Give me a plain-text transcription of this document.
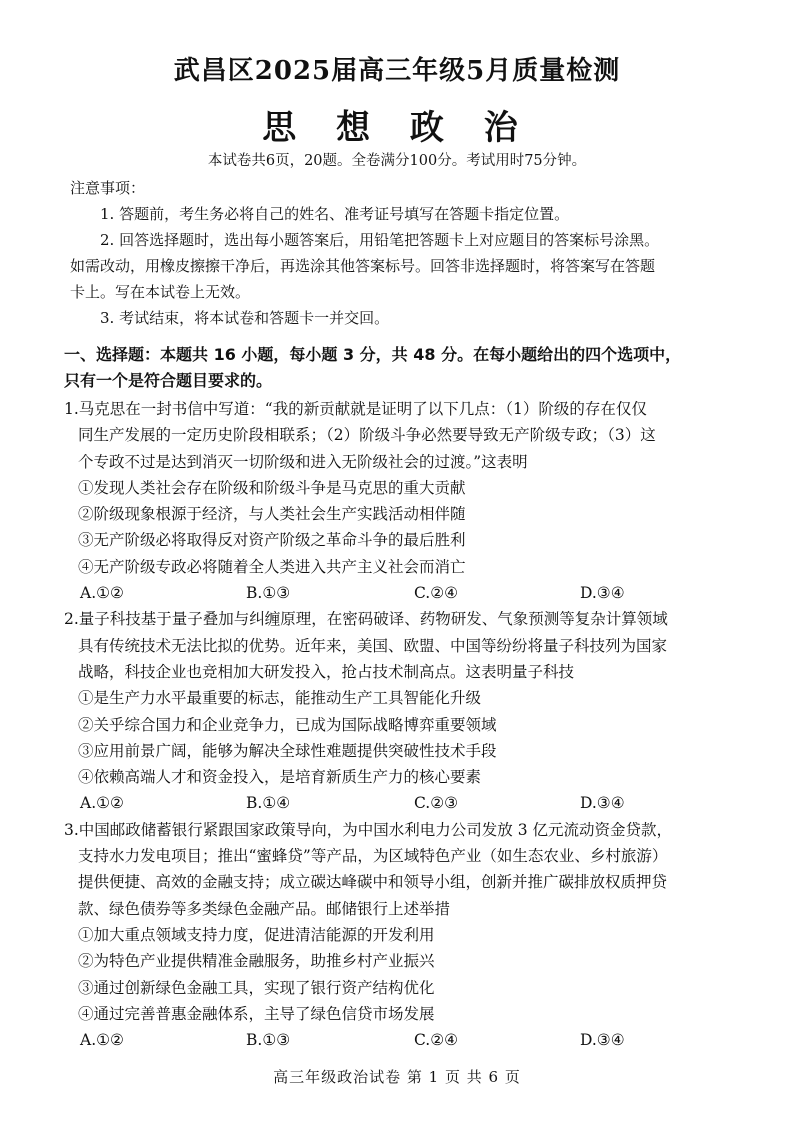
武昌区2025届高三年级5月质量检测
思 想 政 治
本试卷共6页，20题。全卷满分100分。考试用时75分钟。
注意事项：
1. 答题前，考生务必将自己的姓名、准考证号填写在答题卡指定位置。
2. 回答选择题时，选出每小题答案后，用铅笔把答题卡上对应题目的答案标号涂黑。
如需改动，用橡皮擦擦干净后，再选涂其他答案标号。回答非选择题时，将答案写在答题
卡上。写在本试卷上无效。
3. 考试结束，将本试卷和答题卡一并交回。
一、选择题：本题共 16 小题，每小题 3 分，共 48 分。在每小题给出的四个选项中，
只有一个是符合题目要求的。
1.马克思在一封书信中写道：“我的新贡献就是证明了以下几点：（1）阶级的存在仅仅
同生产发展的一定历史阶段相联系；（2）阶级斗争必然要导致无产阶级专政；（3）这
个专政不过是达到消灭一切阶级和进入无阶级社会的过渡。”这表明
①发现人类社会存在阶级和阶级斗争是马克思的重大贡献
②阶级现象根源于经济，与人类社会生产实践活动相伴随
③无产阶级必将取得反对资产阶级之革命斗争的最后胜利
④无产阶级专政必将随着全人类进入共产主义社会而消亡
A.①②	B.①③	C.②④	D.③④
2.量子科技基于量子叠加与纠缠原理，在密码破译、药物研发、气象预测等复杂计算领域
具有传统技术无法比拟的优势。近年来，美国、欧盟、中国等纷纷将量子科技列为国家
战略，科技企业也竞相加大研发投入，抢占技术制高点。这表明量子科技
①是生产力水平最重要的标志，能推动生产工具智能化升级
②关乎综合国力和企业竞争力，已成为国际战略博弈重要领域
③应用前景广阔，能够为解决全球性难题提供突破性技术手段
④依赖高端人才和资金投入，是培育新质生产力的核心要素
A.①②	B.①④	C.②③	D.③④
3.中国邮政储蓄银行紧跟国家政策导向，为中国水利电力公司发放 3 亿元流动资金贷款，
支持水力发电项目；推出“蜜蜂贷”等产品，为区域特色产业（如生态农业、乡村旅游）
提供便捷、高效的金融支持；成立碳达峰碳中和领导小组，创新并推广碳排放权质押贷
款、绿色债券等多类绿色金融产品。邮储银行上述举措
①加大重点领域支持力度，促进清洁能源的开发利用
②为特色产业提供精准金融服务，助推乡村产业振兴
③通过创新绿色金融工具，实现了银行资产结构优化
④通过完善普惠金融体系，主导了绿色信贷市场发展
A.①②	B.①③	C.②④	D.③④
高三年级政治试卷 第 1 页 共 6 页
